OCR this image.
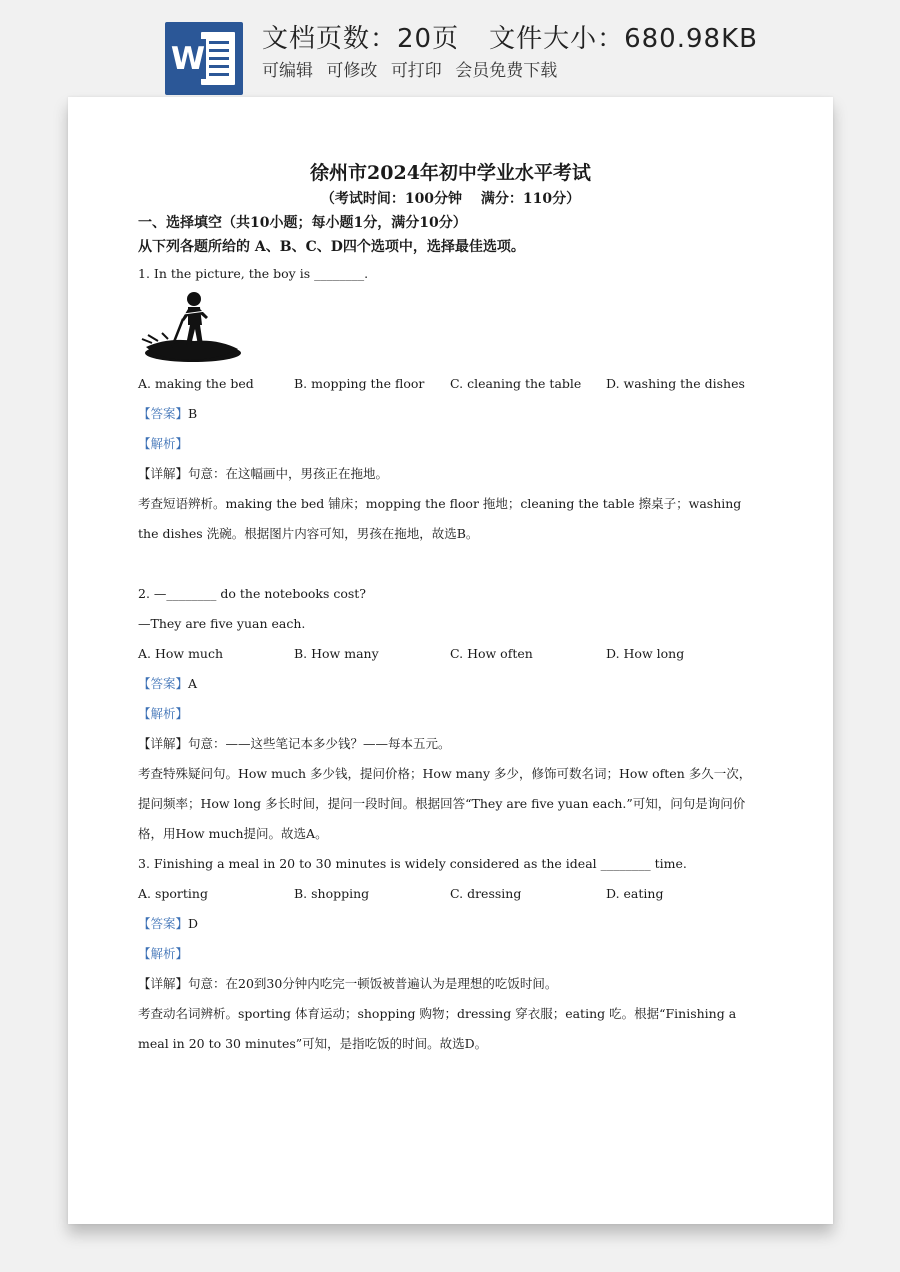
W
文档页数：20页 文件大小：680.98KB
可编辑 可修改 可打印 会员免费下载
徐州市2024年初中学业水平考试
（考试时间：100分钟　 满分：110分）
一、选择填空（共10小题；每小题1分，满分10分）
从下列各题所给的 A、B、C、D四个选项中，选择最佳选项。
1. In the picture, the boy is ________.
A. making the bed	B. mopping the floor	C. cleaning the table	D. washing the dishes
【答案】B
【解析】
【详解】句意：在这幅画中，男孩正在拖地。
考查短语辨析。making the bed 铺床；mopping the floor 拖地；cleaning the table 擦桌子；washing the dishes 洗碗。根据图片内容可知，男孩在拖地，故选B。
2. —________ do the notebooks cost?
—They are five yuan each.
A. How much	B. How many	C. How often	D. How long
【答案】A
【解析】
【详解】句意：——这些笔记本多少钱？——每本五元。
考查特殊疑问句。How much 多少钱，提问价格；How many 多少，修饰可数名词；How often 多久一次，提问频率；How long 多长时间，提问一段时间。根据回答“They are five yuan each.”可知，问句是询问价格，用How much提问。故选A。
3. Finishing a meal in 20 to 30 minutes is widely considered as the ideal ________ time.
A. sporting	B. shopping	C. dressing	D. eating
【答案】D
【解析】
【详解】句意：在20到30分钟内吃完一顿饭被普遍认为是理想的吃饭时间。
考查动名词辨析。sporting 体育运动；shopping 购物；dressing 穿衣服；eating 吃。根据“Finishing a meal in 20 to 30 minutes”可知，是指吃饭的时间。故选D。
